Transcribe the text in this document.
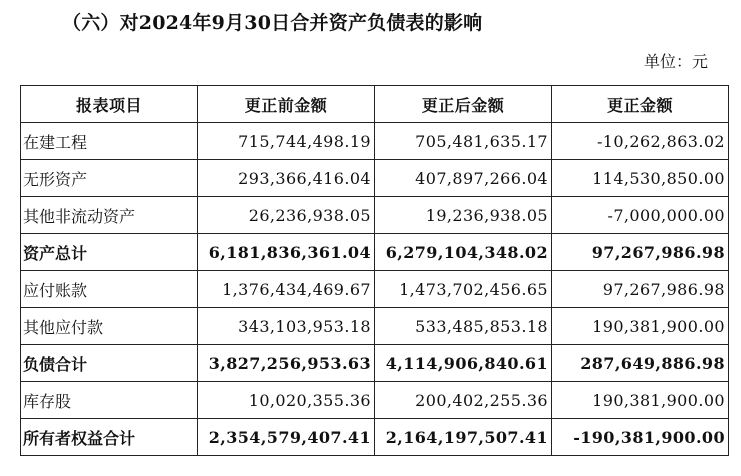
（六）对2024年9月30日合并资产负债表的影响
单位：元
报表项目	更正前金额	更正后金额	更正金额
在建工程	715,744,498.19	705,481,635.17	-10,262,863.02
无形资产	293,366,416.04	407,897,266.04	114,530,850.00
其他非流动资产	26,236,938.05	19,236,938.05	-7,000,000.00
资产总计	6,181,836,361.04	6,279,104,348.02	97,267,986.98
应付账款	1,376,434,469.67	1,473,702,456.65	97,267,986.98
其他应付款	343,103,953.18	533,485,853.18	190,381,900.00
负债合计	3,827,256,953.63	4,114,906,840.61	287,649,886.98
库存股	10,020,355.36	200,402,255.36	190,381,900.00
所有者权益合计	2,354,579,407.41	2,164,197,507.41	-190,381,900.00
